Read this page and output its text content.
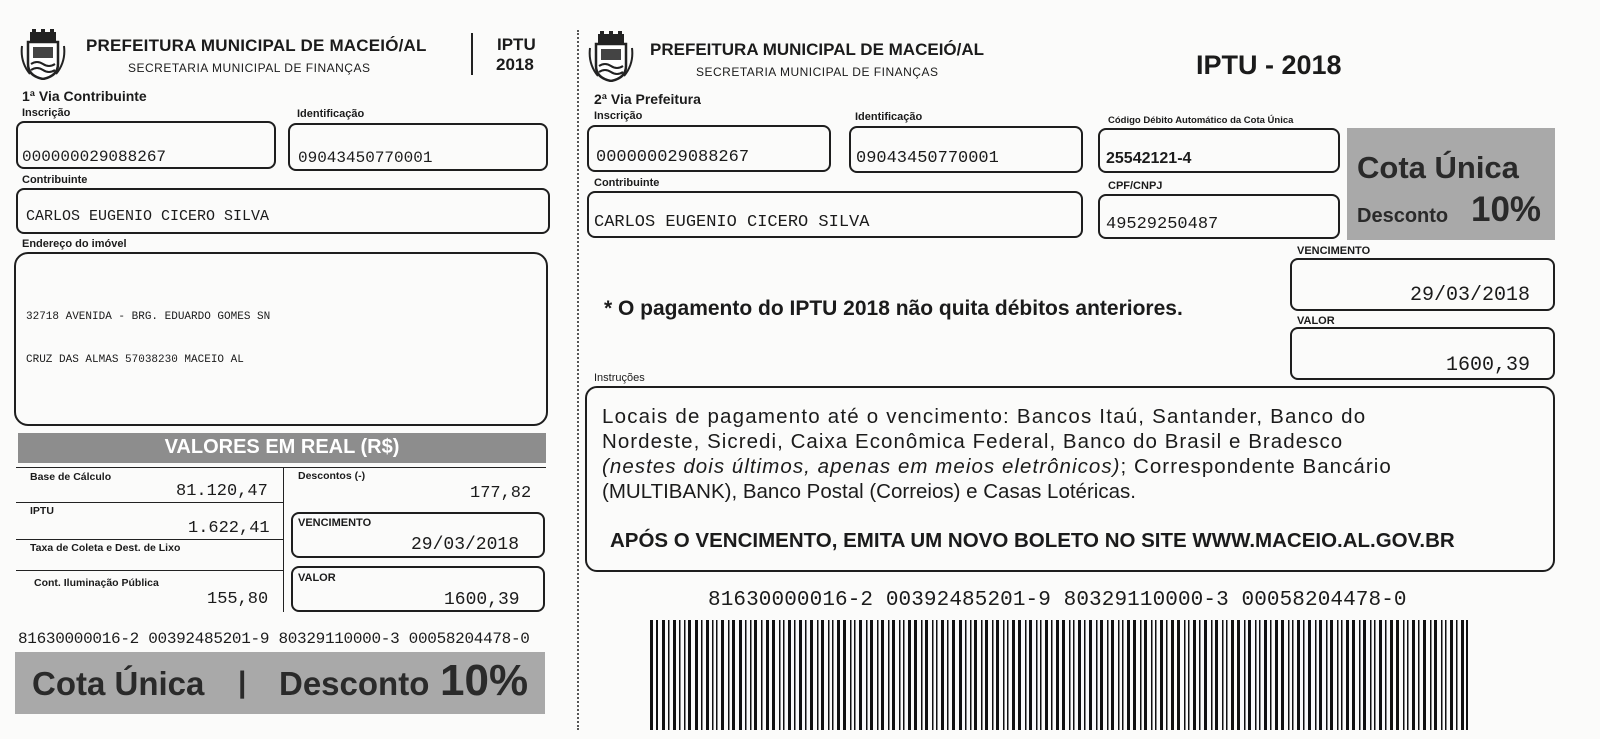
PREFEITURA MUNICIPAL DE MACEIÓ/AL
SECRETARIA MUNICIPAL DE FINANÇAS
IPTU
2018
1ª Via Contribuinte
Inscrição
000000029088267
Identificação
09043450770001
Contribuinte
CARLOS EUGENIO CICERO SILVA
Endereço do imóvel
32718 AVENIDA - BRG. EDUARDO GOMES SN
CRUZ DAS ALMAS 57038230 MACEIO AL
VALORES EM REAL (R$)
Base de Cálculo
81.120,47
Descontos (-)
177,82
IPTU
1.622,41
Taxa de Coleta e Dest. de Lixo
Cont. Iluminação Pública
155,80
VENCIMENTO
29/03/2018
VALOR
1600,39
81630000016-2 00392485201-9 80329110000-3 00058204478-0
Cota Única | Desconto 10%
PREFEITURA MUNICIPAL DE MACEIÓ/AL
SECRETARIA MUNICIPAL DE FINANÇAS	IPTU - 2018
2ª Via Prefeitura
Inscrição
000000029088267
Identificação
09043450770001
Código Débito Automático da Cota Única
25542121-4
Contribuinte
CARLOS EUGENIO CICERO SILVA
CPF/CNPJ
49529250487
Cota Única
Desconto 10%
VENCIMENTO
29/03/2018
VALOR
1600,39
* O pagamento do IPTU 2018 não quita débitos anteriores.
Instruções
Locais de pagamento até o vencimento: Bancos Itaú, Santander, Banco do
Nordeste, Sicredi, Caixa Econômica Federal, Banco do Brasil e Bradesco
(nestes dois últimos, apenas em meios eletrônicos); Correspondente Bancário
(MULTIBANK), Banco Postal (Correios) e Casas Lotéricas.
APÓS O VENCIMENTO, EMITA UM NOVO BOLETO NO SITE WWW.MACEIO.AL.GOV.BR
81630000016-2 00392485201-9 80329110000-3 00058204478-0
